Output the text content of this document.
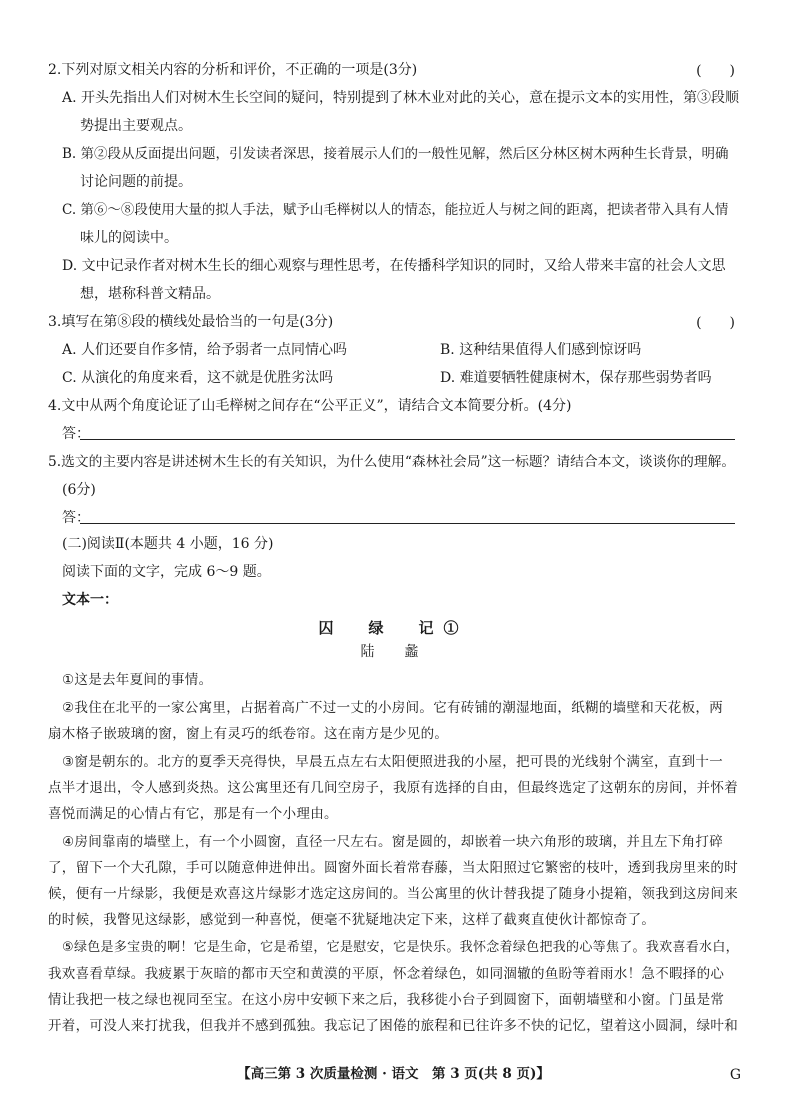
2.下列对原文相关内容的分析和评价，不正确的一项是(3分)	(　　)
A. 开头先指出人们对树木生长空间的疑问，特别提到了林木业对此的关心，意在提示文本的实用性，第③段顺
势提出主要观点。
B. 第②段从反面提出问题，引发读者深思，接着展示人们的一般性见解，然后区分林区树木两种生长背景，明确
讨论问题的前提。
C. 第⑥～⑧段使用大量的拟人手法，赋予山毛榉树以人的情态，能拉近人与树之间的距离，把读者带入具有人情
味儿的阅读中。
D. 文中记录作者对树木生长的细心观察与理性思考，在传播科学知识的同时，又给人带来丰富的社会人文思
想，堪称科普文精品。
3.填写在第⑧段的横线处最恰当的一句是(3分)	(　　)
A. 人们还要自作多情，给予弱者一点同情心吗	B. 这种结果值得人们感到惊讶吗
C. 从演化的角度来看，这不就是优胜劣汰吗	D. 难道要牺牲健康树木，保存那些弱势者吗
4.文中从两个角度论证了山毛榉树之间存在“公平正义”，请结合文本简要分析。(4分)
答：
5.选文的主要内容是讲述树木生长的有关知识，为什么使用“森林社会局”这一标题？请结合本文，谈谈你的理解。
(6分)
答：
(二)阅读Ⅱ(本题共 4 小题，16 分)
阅读下面的文字，完成 6～9 题。
文本一：
囚　绿　记①
陆　蠡
①这是去年夏间的事情。
②我住在北平的一家公寓里，占据着高广不过一丈的小房间。它有砖铺的潮湿地面，纸糊的墙壁和天花板，两
扇木格子嵌玻璃的窗，窗上有灵巧的纸卷帘。这在南方是少见的。
③窗是朝东的。北方的夏季天亮得快，早晨五点左右太阳便照进我的小屋，把可畏的光线射个满室，直到十一
点半才退出，令人感到炎热。这公寓里还有几间空房子，我原有选择的自由，但最终选定了这朝东的房间，并怀着
喜悦而满足的心情占有它，那是有一个小理由。
④房间靠南的墙壁上，有一个小圆窗，直径一尺左右。窗是圆的，却嵌着一块六角形的玻璃，并且左下角打碎
了，留下一个大孔隙，手可以随意伸进伸出。圆窗外面长着常春藤，当太阳照过它繁密的枝叶，透到我房里来的时
候，便有一片绿影，我便是欢喜这片绿影才选定这房间的。当公寓里的伙计替我提了随身小提箱，领我到这房间来
的时候，我瞥见这绿影，感觉到一种喜悦，便毫不犹疑地决定下来，这样了截爽直使伙计都惊奇了。
⑤绿色是多宝贵的啊！它是生命，它是希望，它是慰安，它是快乐。我怀念着绿色把我的心等焦了。我欢喜看水白，
我欢喜看草绿。我疲累于灰暗的都市天空和黄漠的平原，怀念着绿色，如同涸辙的鱼盼等着雨水！急不暇择的心
情让我把一枝之绿也视同至宝。在这小房中安顿下来之后，我移徙小台子到圆窗下，面朝墙壁和小窗。门虽是常
开着，可没人来打扰我，但我并不感到孤独。我忘记了困倦的旅程和已往许多不快的记忆，望着这小圆洞，绿叶和
【高三第 3 次质量检测 · 语文　第 3 页(共 8 页)】	G
